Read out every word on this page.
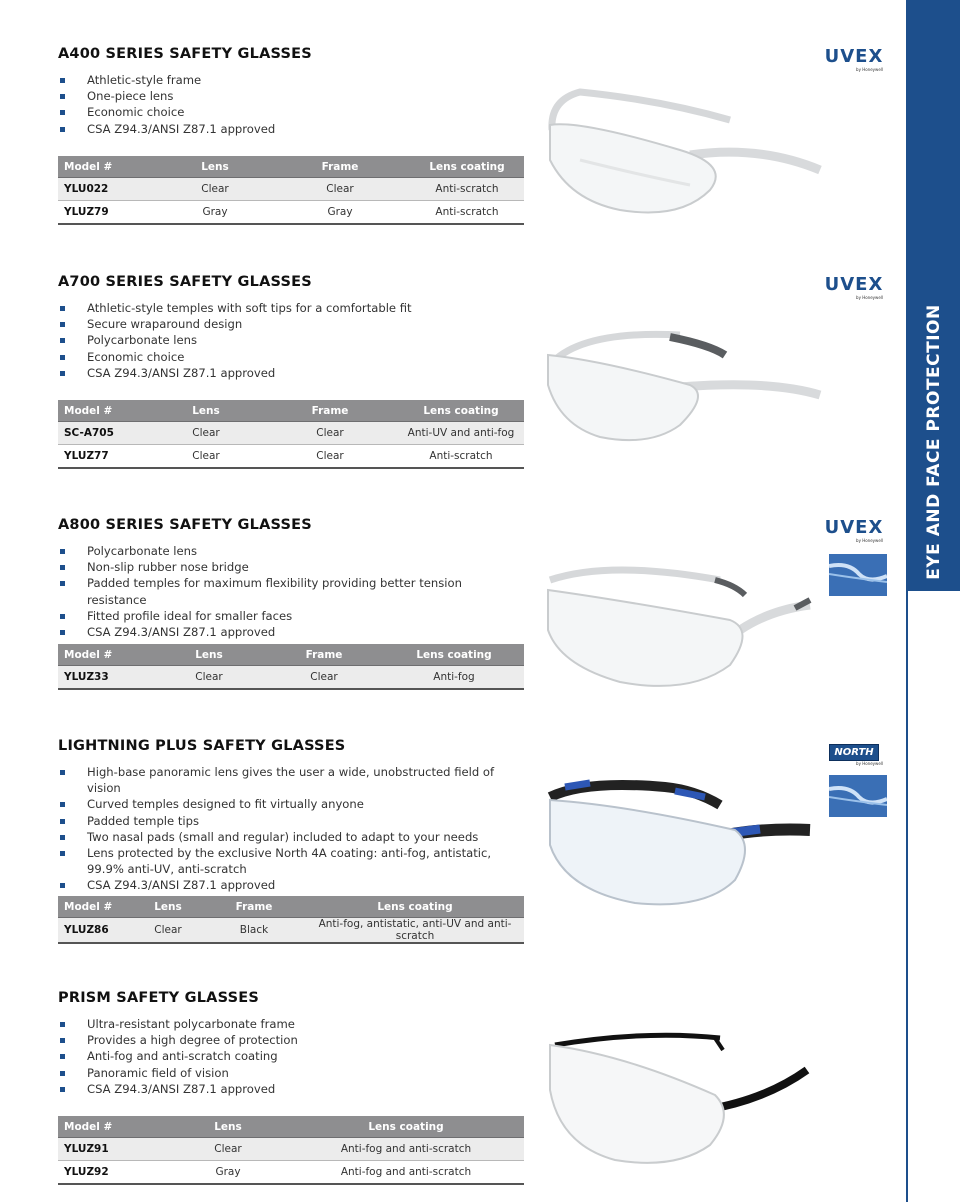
EYE AND FACE PROTECTION
A400 SERIES SAFETY GLASSES
Athletic-style frame
One-piece lens
Economic choice
CSA Z94.3/ANSI Z87.1 approved
Model #	Lens	Frame	Lens coating
YLU022	Clear	Clear	Anti-scratch
YLUZ79	Gray	Gray	Anti-scratch
A700 SERIES SAFETY GLASSES
Athletic-style temples with soft tips for a comfortable fit
Secure wraparound design
Polycarbonate lens
Economic choice
CSA Z94.3/ANSI Z87.1 approved
Model #	Lens	Frame	Lens coating
SC-A705	Clear	Clear	Anti-UV and anti-fog
YLUZ77	Clear	Clear	Anti-scratch
A800 SERIES SAFETY GLASSES
Polycarbonate lens
Non-slip rubber nose bridge
Padded temples for maximum flexibility providing better tension resistance
Fitted profile ideal for smaller faces
CSA Z94.3/ANSI Z87.1 approved
Model #	Lens	Frame	Lens coating
YLUZ33	Clear	Clear	Anti-fog
LIGHTNING PLUS SAFETY GLASSES
High-base panoramic lens gives the user a wide, unobstructed field of vision
Curved temples designed to fit virtually anyone
Padded temple tips
Two nasal pads (small and regular) included to adapt to your needs
Lens protected by the exclusive North 4A coating: anti-fog, antistatic, 99.9% anti-UV, anti-scratch
CSA Z94.3/ANSI Z87.1 approved
Model #	Lens	Frame	Lens coating
YLUZ86	Clear	Black	Anti-fog, antistatic, anti-UV and anti-scratch
PRISM SAFETY GLASSES
Ultra-resistant polycarbonate frame
Provides a high degree of protection
Anti-fog and anti-scratch coating
Panoramic field of vision
CSA Z94.3/ANSI Z87.1 approved
Model #	Lens	Lens coating
YLUZ91	Clear	Anti-fog and anti-scratch
YLUZ92	Gray	Anti-fog and anti-scratch
UVEX
by Honeywell
UVEX
by Honeywell
UVEX
by Honeywell
NORTH
by Honeywell
